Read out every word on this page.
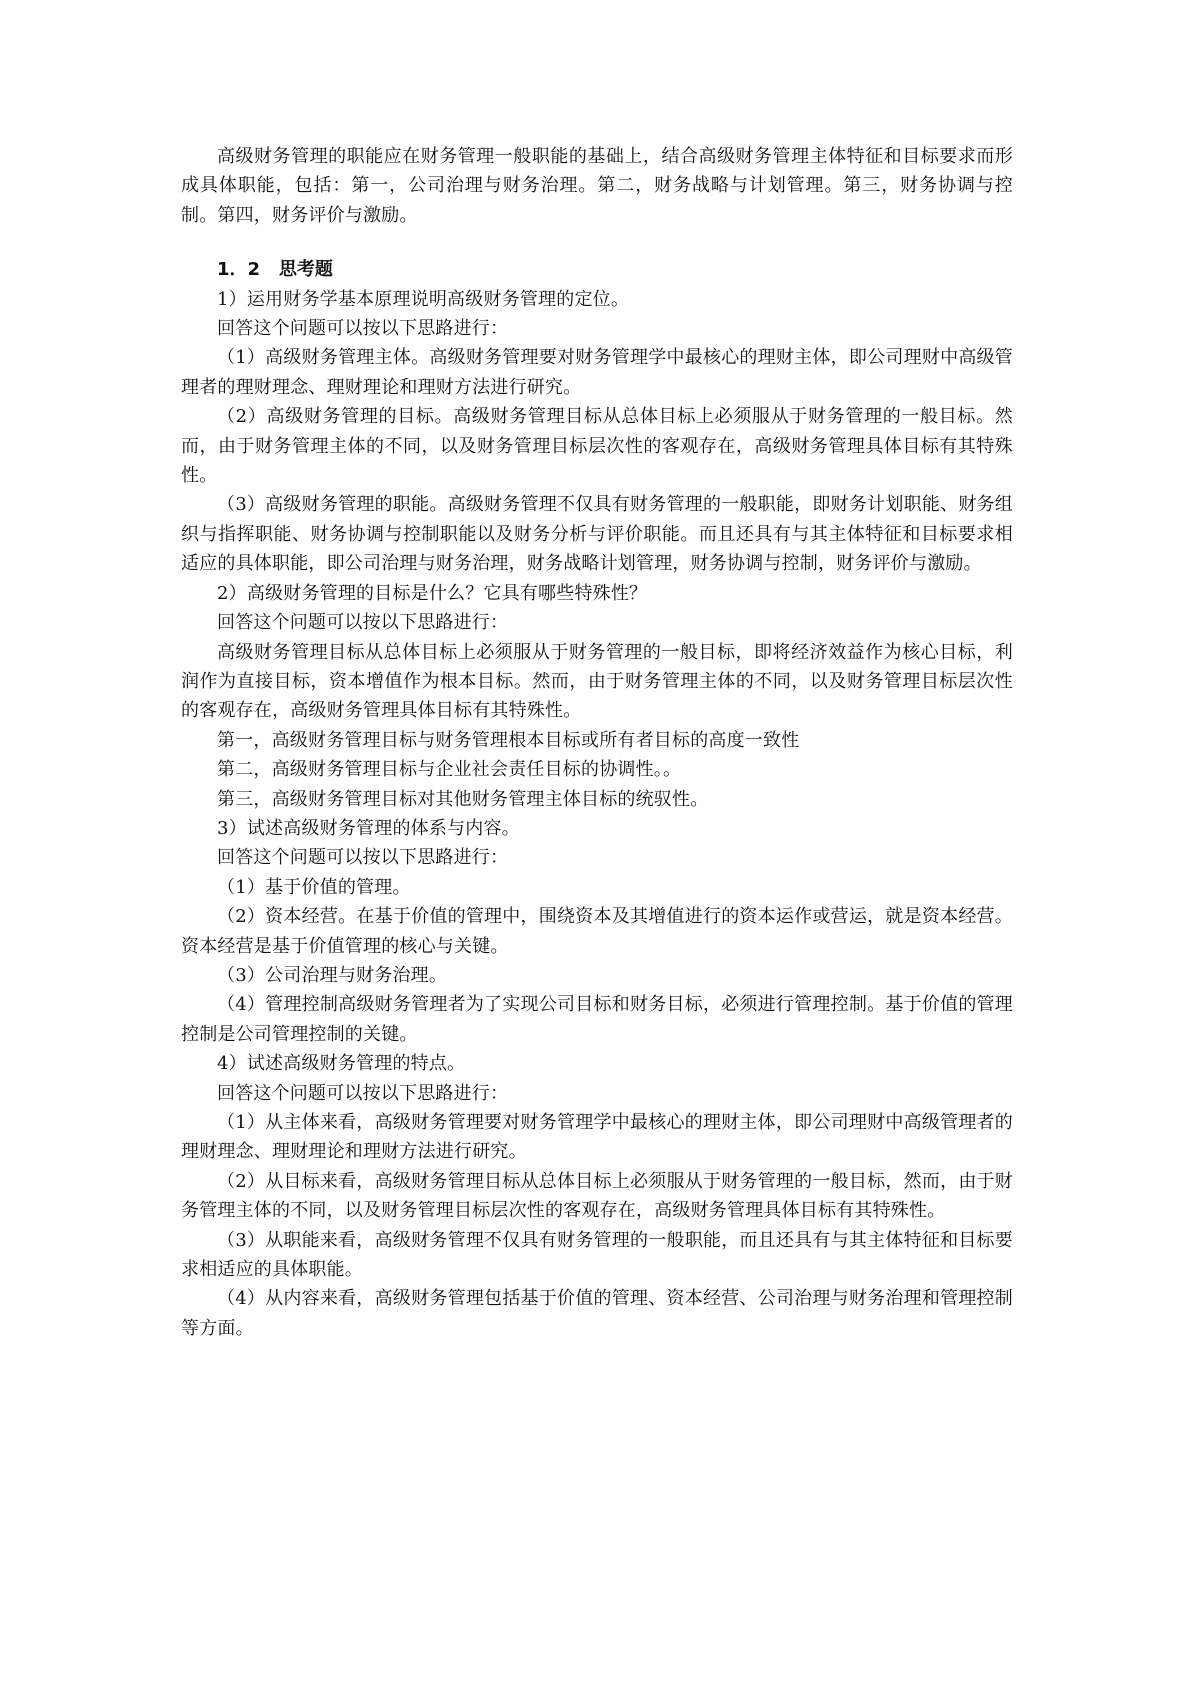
高级财务管理的职能应在财务管理一般职能的基础上，结合高级财务管理主体特征和目标要求而形成具体职能，包括：第一，公司治理与财务治理。第二，财务战略与计划管理。第三，财务协调与控制。第四，财务评价与激励。

1．2 思考题

1）运用财务学基本原理说明高级财务管理的定位。

回答这个问题可以按以下思路进行：

（1）高级财务管理主体。高级财务管理要对财务管理学中最核心的理财主体，即公司理财中高级管理者的理财理念、理财理论和理财方法进行研究。

（2）高级财务管理的目标。高级财务管理目标从总体目标上必须服从于财务管理的一般目标。然而，由于财务管理主体的不同，以及财务管理目标层次性的客观存在，高级财务管理具体目标有其特殊性。

（3）高级财务管理的职能。高级财务管理不仅具有财务管理的一般职能，即财务计划职能、财务组织与指挥职能、财务协调与控制职能以及财务分析与评价职能。而且还具有与其主体特征和目标要求相适应的具体职能，即公司治理与财务治理，财务战略计划管理，财务协调与控制，财务评价与激励。

2）高级财务管理的目标是什么？它具有哪些特殊性？

回答这个问题可以按以下思路进行：

高级财务管理目标从总体目标上必须服从于财务管理的一般目标，即将经济效益作为核心目标，利润作为直接目标，资本增值作为根本目标。然而，由于财务管理主体的不同，以及财务管理目标层次性的客观存在，高级财务管理具体目标有其特殊性。

第一，高级财务管理目标与财务管理根本目标或所有者目标的高度一致性

第二，高级财务管理目标与企业社会责任目标的协调性。。

第三，高级财务管理目标对其他财务管理主体目标的统驭性。

3）试述高级财务管理的体系与内容。

回答这个问题可以按以下思路进行：

（1）基于价值的管理。

（2）资本经营。在基于价值的管理中，围绕资本及其增值进行的资本运作或营运，就是资本经营。资本经营是基于价值管理的核心与关键。

（3）公司治理与财务治理。

（4）管理控制高级财务管理者为了实现公司目标和财务目标，必须进行管理控制。基于价值的管理控制是公司管理控制的关键。

4）试述高级财务管理的特点。

回答这个问题可以按以下思路进行：

（1）从主体来看，高级财务管理要对财务管理学中最核心的理财主体，即公司理财中高级管理者的理财理念、理财理论和理财方法进行研究。

（2）从目标来看，高级财务管理目标从总体目标上必须服从于财务管理的一般目标，然而，由于财务管理主体的不同，以及财务管理目标层次性的客观存在，高级财务管理具体目标有其特殊性。

（3）从职能来看，高级财务管理不仅具有财务管理的一般职能，而且还具有与其主体特征和目标要求相适应的具体职能。

（4）从内容来看，高级财务管理包括基于价值的管理、资本经营、公司治理与财务治理和管理控制等方面。
